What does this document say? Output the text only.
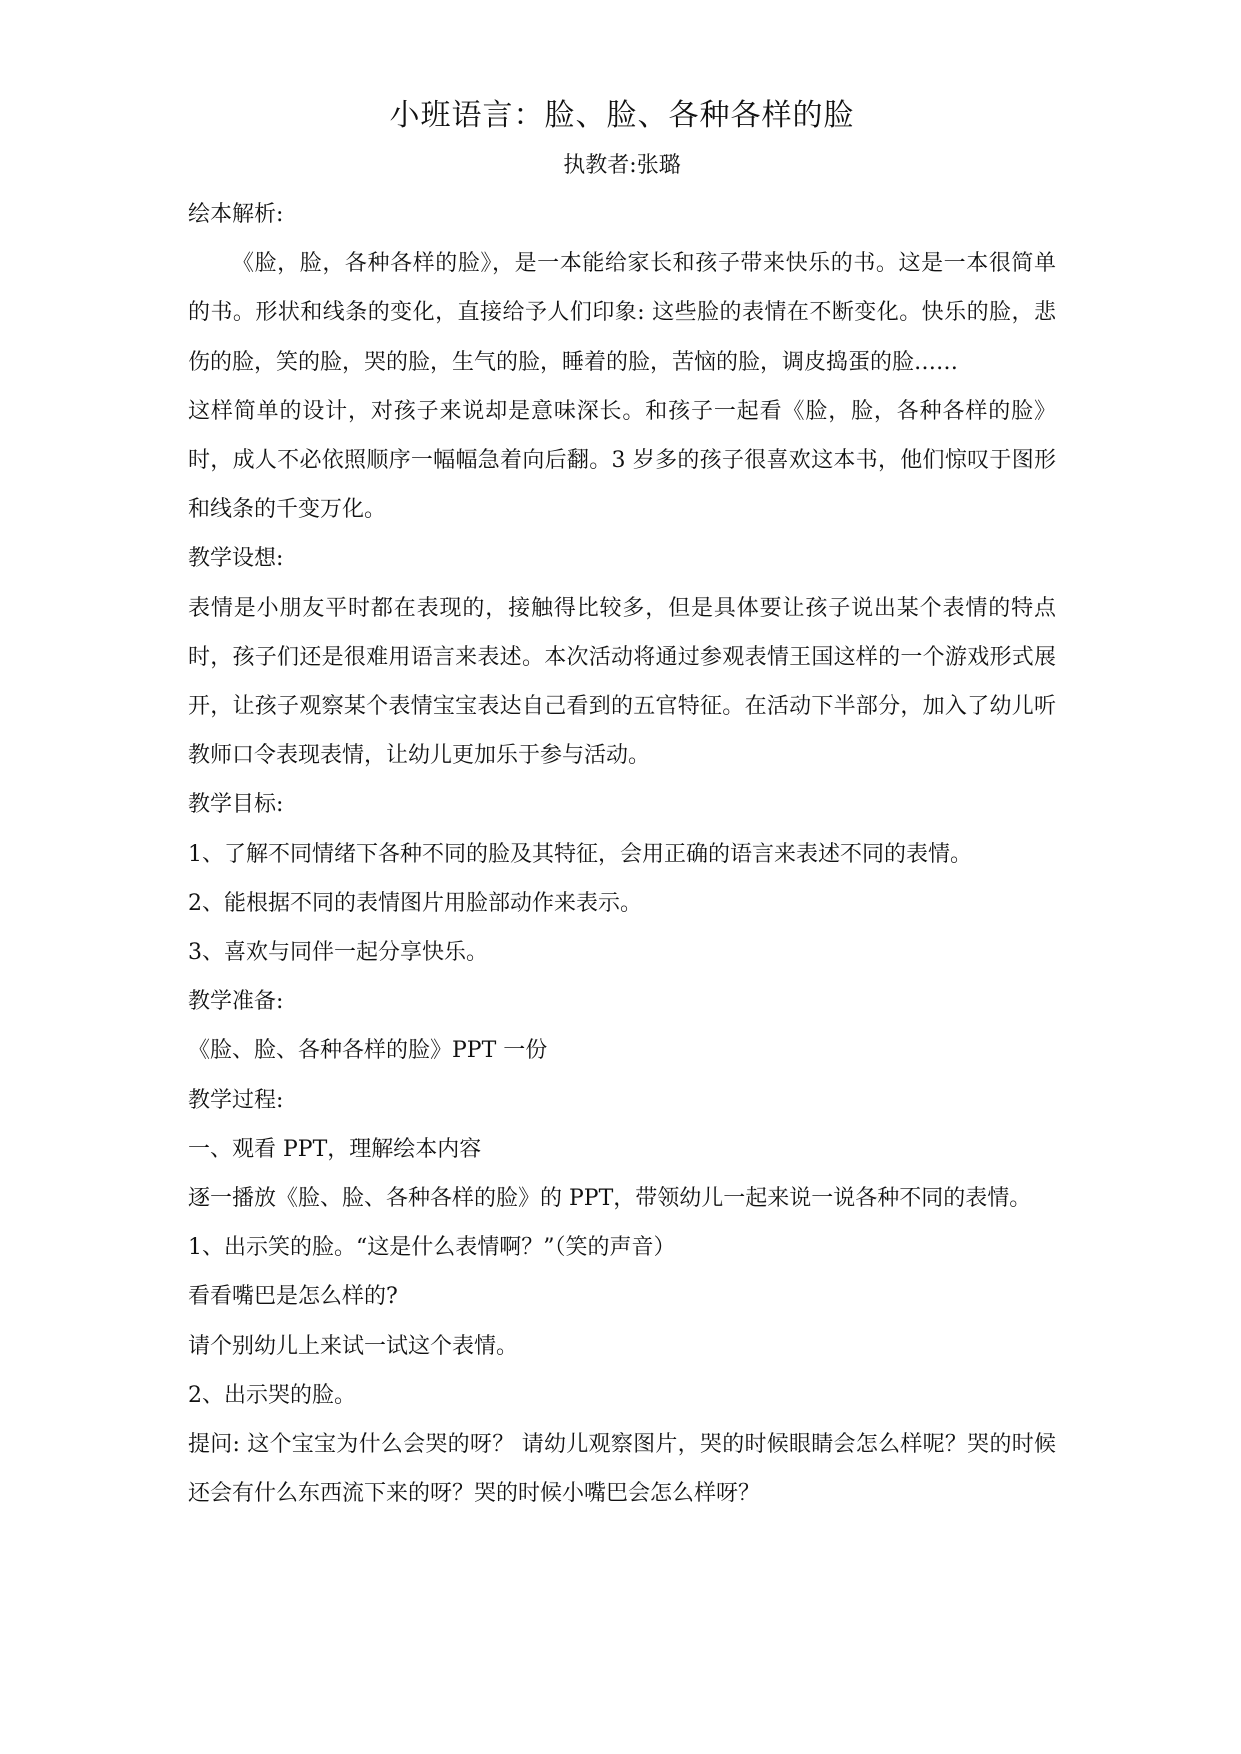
小班语言：脸、脸、各种各样的脸
执教者:张璐

绘本解析:

《脸，脸，各种各样的脸》，是一本能给家长和孩子带来快乐的书。这是一本很简单的书。形状和线条的变化，直接给予人们印象: 这些脸的表情在不断变化。快乐的脸，悲伤的脸，笑的脸，哭的脸，生气的脸，睡着的脸，苦恼的脸，调皮捣蛋的脸……

这样简单的设计，对孩子来说却是意味深长。和孩子一起看《脸，脸，各种各样的脸》时，成人不必依照顺序一幅幅急着向后翻。3 岁多的孩子很喜欢这本书，他们惊叹于图形和线条的千变万化。

教学设想:

表情是小朋友平时都在表现的，接触得比较多，但是具体要让孩子说出某个表情的特点时，孩子们还是很难用语言来表述。本次活动将通过参观表情王国这样的一个游戏形式展开，让孩子观察某个表情宝宝表达自己看到的五官特征。在活动下半部分，加入了幼儿听教师口令表现表情，让幼儿更加乐于参与活动。

教学目标:

1、了解不同情绪下各种不同的脸及其特征，会用正确的语言来表述不同的表情。

2、能根据不同的表情图片用脸部动作来表示。

3、喜欢与同伴一起分享快乐。

教学准备:

《脸、脸、各种各样的脸》PPT 一份

教学过程:

一、观看 PPT，理解绘本内容

逐一播放《脸、脸、各种各样的脸》的 PPT，带领幼儿一起来说一说各种不同的表情。

1、出示笑的脸。“这是什么表情啊？”（笑的声音）

看看嘴巴是怎么样的?

请个别幼儿上来试一试这个表情。

2、出示哭的脸。

提问: 这个宝宝为什么会哭的呀？ 请幼儿观察图片，哭的时候眼睛会怎么样呢？哭的时候还会有什么东西流下来的呀？哭的时候小嘴巴会怎么样呀？
